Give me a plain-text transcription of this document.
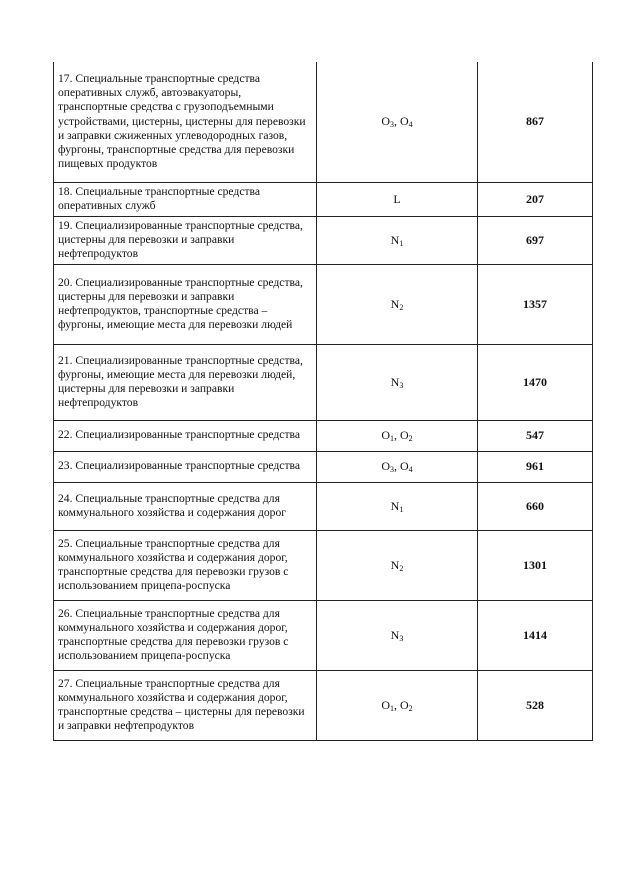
17. Специальные транспортные средства оперативных служб, автоэвакуаторы, транспортные средства с грузоподъемными устройствами, цистерны, цистерны для перевозки и заправки сжиженных углеводородных газов, фургоны, транспортные средства для перевозки пищевых продуктов	$O_3$, $O_4$	867
18. Специальные транспортные средства оперативных служб	L	207
19. Специализированные транспортные средства, цистерны для перевозки и заправки нефтепродуктов	$N_1$	697
20. Специализированные транспортные средства, цистерны для перевозки и заправки нефтепродуктов, транспортные средства – фургоны, имеющие места для перевозки людей	$N_2$	1357
21. Специализированные транспортные средства, фургоны, имеющие места для перевозки людей, цистерны для перевозки и заправки нефтепродуктов	$N_3$	1470
22. Специализированные транспортные средства	$O_1$, $O_2$	547
23. Специализированные транспортные средства	$O_3$, $O_4$	961
24. Специальные транспортные средства для коммунального хозяйства и содержания дорог	$N_1$	660
25. Специальные транспортные средства для коммунального хозяйства и содержания дорог, транспортные средства для перевозки грузов с использованием прицепа-роспуска	$N_2$	1301
26. Специальные транспортные средства для коммунального хозяйства и содержания дорог, транспортные средства для перевозки грузов с использованием прицепа-роспуска	$N_3$	1414
27. Специальные транспортные средства для коммунального хозяйства и содержания дорог, транспортные средства – цистерны для перевозки и заправки нефтепродуктов	$O_1$, $O_2$	528
